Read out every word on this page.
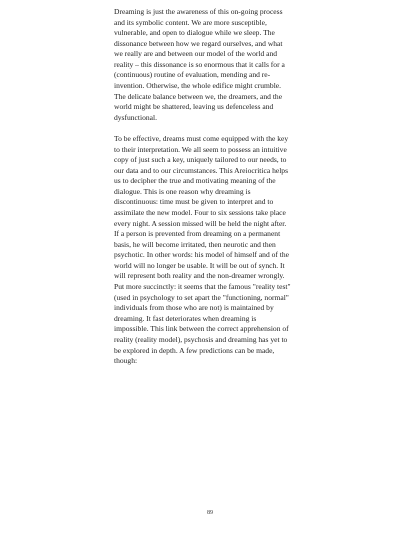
Dreaming is just the awareness of this on-going process
and its symbolic content. We are more susceptible,
vulnerable, and open to dialogue while we sleep. The
dissonance between how we regard ourselves, and what
we really are and between our model of the world and
reality – this dissonance is so enormous that it calls for a
(continuous) routine of evaluation, mending and re-
invention. Otherwise, the whole edifice might crumble.
The delicate balance between we, the dreamers, and the
world might be shattered, leaving us defenceless and
dysfunctional.
To be effective, dreams must come equipped with the key
to their interpretation. We all seem to possess an intuitive
copy of just such a key, uniquely tailored to our needs, to
our data and to our circumstances. This Areiocritica helps
us to decipher the true and motivating meaning of the
dialogue. This is one reason why dreaming is
discontinuous: time must be given to interpret and to
assimilate the new model. Four to six sessions take place
every night. A session missed will be held the night after.
If a person is prevented from dreaming on a permanent
basis, he will become irritated, then neurotic and then
psychotic. In other words: his model of himself and of the
world will no longer be usable. It will be out of synch. It
will represent both reality and the non-dreamer wrongly.
Put more succinctly: it seems that the famous "reality test"
(used in psychology to set apart the "functioning, normal"
individuals from those who are not) is maintained by
dreaming. It fast deteriorates when dreaming is
impossible. This link between the correct apprehension of
reality (reality model), psychosis and dreaming has yet to
be explored in depth. A few predictions can be made,
though:
89
